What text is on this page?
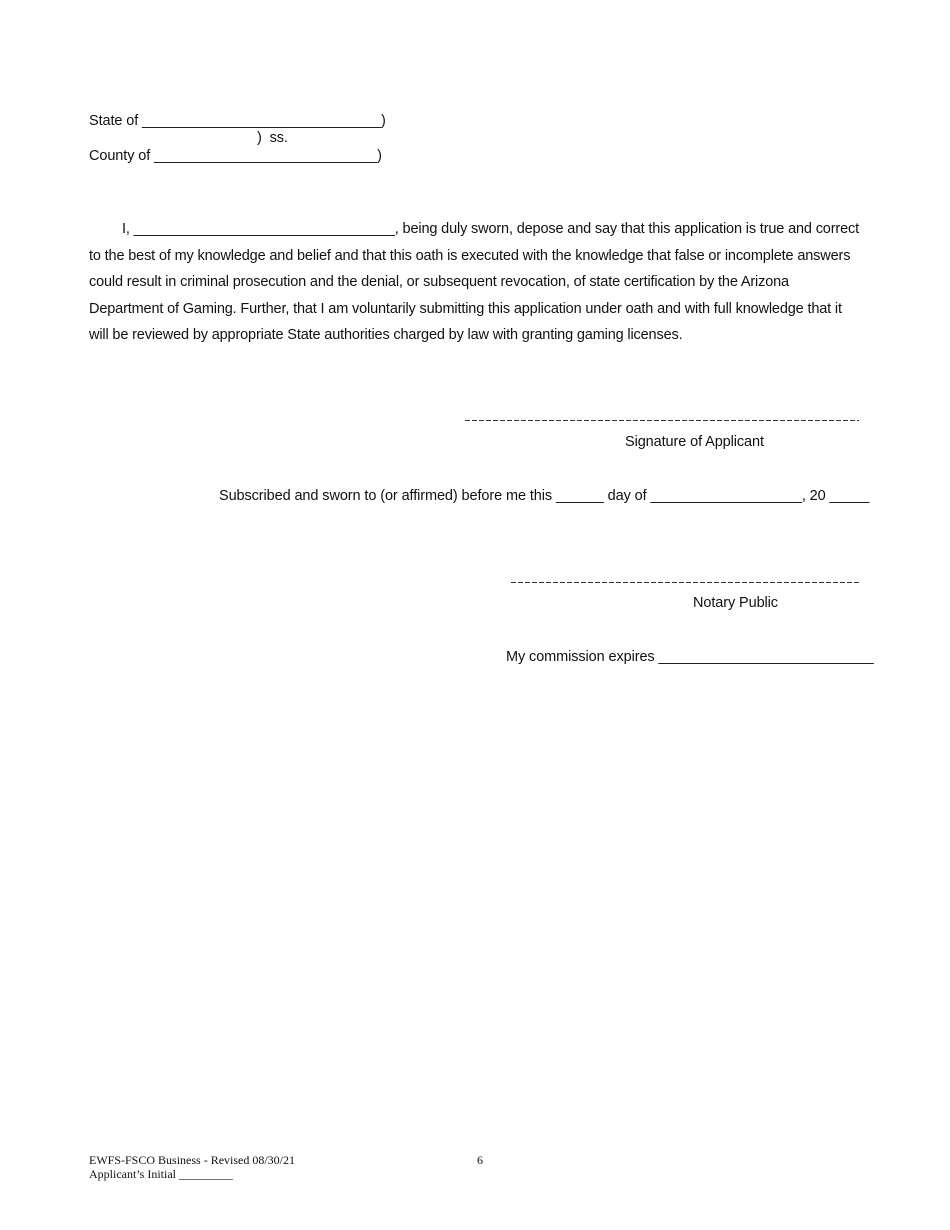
State of ______________________________)
)  ss.
County of ____________________________)
I, _________________________________, being duly sworn, depose and say that this application is true and correct to the best of my knowledge and belief and that this oath is executed with the knowledge that false or incomplete answers could result in criminal prosecution and the denial, or subsequent revocation, of state certification by the Arizona Department of Gaming. Further, that I am voluntarily submitting this application under oath and with full knowledge that it will be reviewed by appropriate State authorities charged by law with granting gaming licenses.
Signature of Applicant
Subscribed and sworn to (or affirmed) before me this ______ day of ___________________, 20 _____
Notary Public
My commission expires ___________________________
EWFS-FSCO Business - Revised 08/30/21	6
Applicant’s Initial _________
